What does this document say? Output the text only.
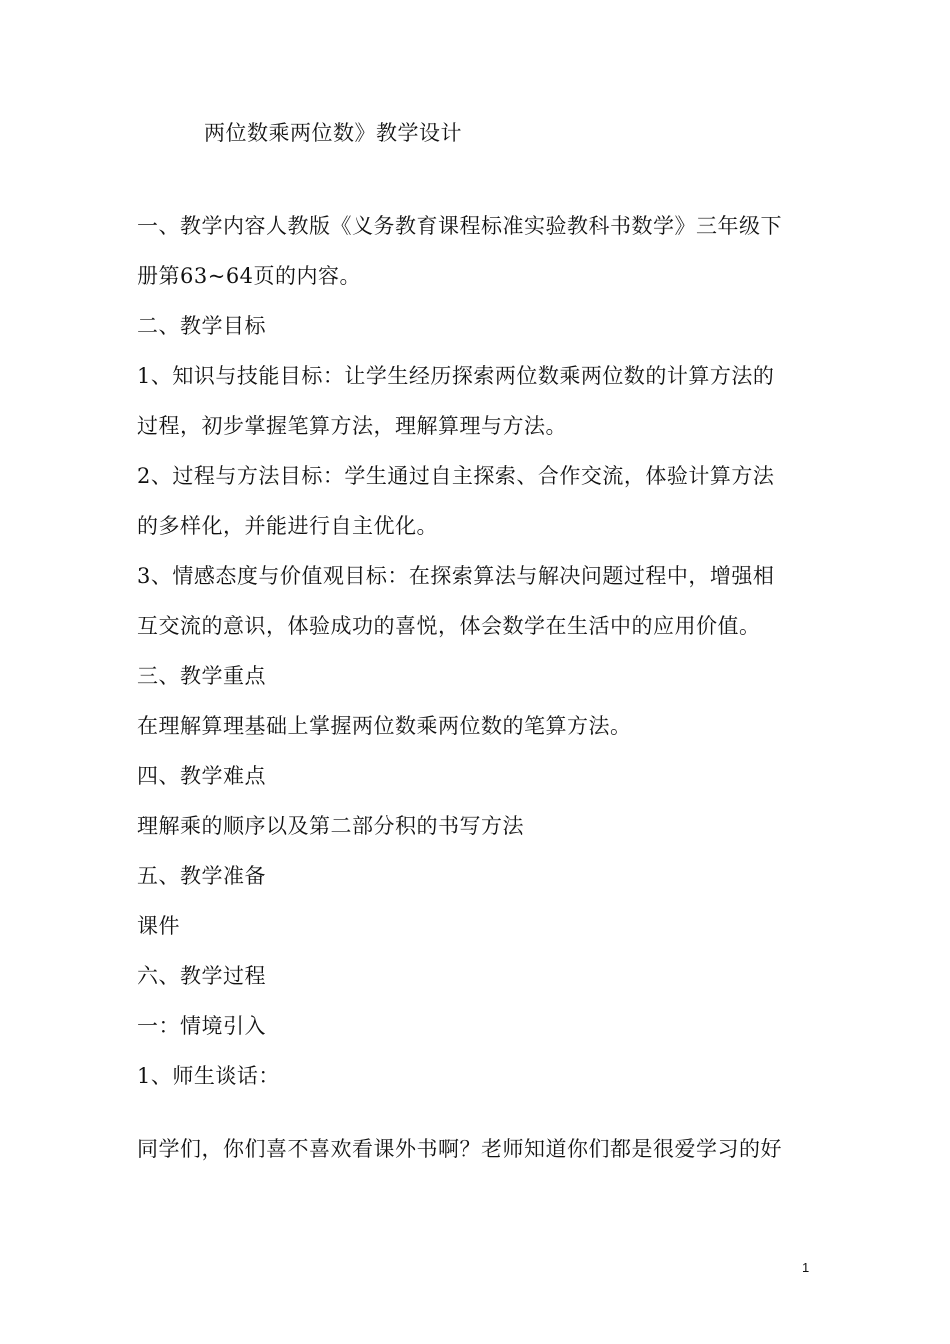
两位数乘两位数》教学设计
一、教学内容人教版《义务教育课程标准实验教科书数学》三年级下
册第63~64页的内容。
二、教学目标
1、知识与技能目标：让学生经历探索两位数乘两位数的计算方法的
过程，初步掌握笔算方法，理解算理与方法。
2、过程与方法目标：学生通过自主探索、合作交流，体验计算方法
的多样化，并能进行自主优化。
3、情感态度与价值观目标：在探索算法与解决问题过程中，增强相
互交流的意识，体验成功的喜悦，体会数学在生活中的应用价值。
三、教学重点
在理解算理基础上掌握两位数乘两位数的笔算方法。
四、教学难点
理解乘的顺序以及第二部分积的书写方法
五、教学准备
课件
六、教学过程
一：情境引入
1、师生谈话：
同学们，你们喜不喜欢看课外书啊？老师知道你们都是很爱学习的好
1
